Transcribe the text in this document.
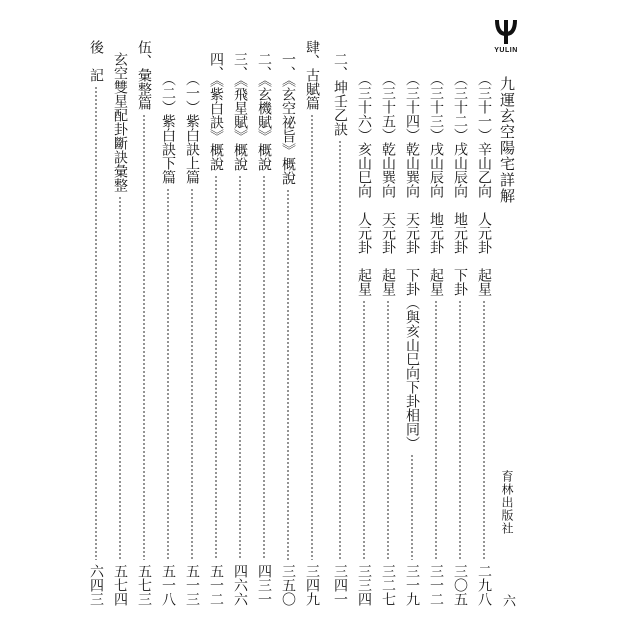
YULIN
九運玄空陽宅詳解
育林出版社
六
（三十一）辛山乙向　人元卦　起星
二九八
（三十二）戌山辰向　地元卦　下卦
三〇五
（三十三）戌山辰向　地元卦　起星
三一二
（三十四）乾山巽向　天元卦　下卦（與亥山巳向下卦相同）
三一九
（三十五）乾山巽向　天元卦　起星
三二七
（三十六）亥山巳向　人元卦　起星
三三四
二、坤壬乙訣
三四一
肆、古賦篇
三四九
一、《玄空祕旨》概說
三五〇
二、《玄機賦》概說
四三一
三、《飛星賦》概說
四六六
四、《紫白訣》概說
五一二
（一）紫白訣上篇
五一三
（二）紫白訣下篇
五一八
伍、彙整篇
五七三
玄空雙星配卦斷訣彙整
五七四
後　記
六四三
